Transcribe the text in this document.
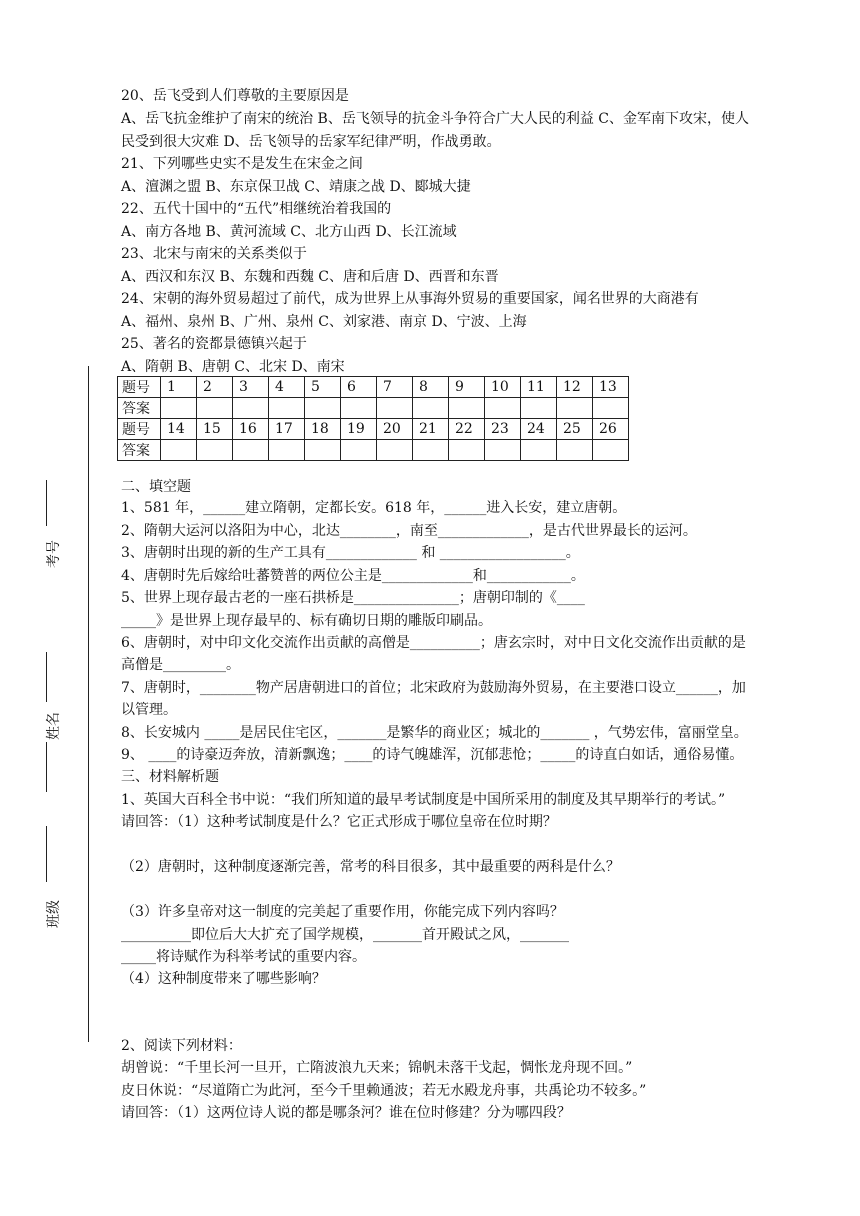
20、岳飞受到人们尊敬的主要原因是
A、岳飞抗金维护了南宋的统治 B、岳飞领导的抗金斗争符合广大人民的利益 C、金军南下攻宋，使人
民受到很大灾难 D、岳飞领导的岳家军纪律严明，作战勇敢。
21、下列哪些史实不是发生在宋金之间
A、澶渊之盟 B、东京保卫战 C、靖康之战 D、郾城大捷
22、五代十国中的“五代”相继统治着我国的
A、南方各地 B、黄河流域 C、北方山西 D、长江流域
23、北宋与南宋的关系类似于
A、西汉和东汉 B、东魏和西魏 C、唐和后唐 D、西晋和东晋
24、宋朝的海外贸易超过了前代，成为世界上从事海外贸易的重要国家，闻名世界的大商港有
A、福州、泉州 B、广州、泉州 C、刘家港、南京 D、宁波、上海
25、著名的瓷都景德镇兴起于
A、隋朝 B、唐朝 C、北宋 D、南宋
题号	1	2	3	4	5	6	7	8	9	10	11	12	13
答案													
题号	14	15	16	17	18	19	20	21	22	23	24	25	26
答案													
二、填空题
1、581 年，______建立隋朝，定都长安。618 年，______进入长安，建立唐朝。
2、隋朝大运河以洛阳为中心，北达________，南至_____________，是古代世界最长的运河。
3、唐朝时出现的新的生产工具有_____________ 和 __________________。
4、唐朝时先后嫁给吐蕃赞普的两位公主是_____________和____________。
5、世界上现存最古老的一座石拱桥是_______________；唐朝印制的《____
_____》是世界上现存最早的、标有确切日期的雕版印刷品。
6、唐朝时，对中印文化交流作出贡献的高僧是__________；唐玄宗时，对中日文化交流作出贡献的是
高僧是_________。
7、唐朝时，________物产居唐朝进口的首位；北宋政府为鼓励海外贸易，在主要港口设立______，加
以管理。
8、长安城内 _____是居民住宅区，_______是繁华的商业区；城北的_______ ，气势宏伟，富丽堂皇。
9、 ____的诗豪迈奔放，清新飘逸；____的诗气魄雄浑，沉郁悲怆；_____的诗直白如话，通俗易懂。
三、材料解析题
1、英国大百科全书中说：“我们所知道的最早考试制度是中国所采用的制度及其早期举行的考试。”
请回答：（1）这种考试制度是什么？它正式形成于哪位皇帝在位时期？
（2）唐朝时，这种制度逐渐完善，常考的科目很多，其中最重要的两科是什么？
（3）许多皇帝对这一制度的完美起了重要作用，你能完成下列内容吗？
__________即位后大大扩充了国学规模，_______首开殿试之风，_______
_____将诗赋作为科举考试的重要内容。
（4）这种制度带来了哪些影响？
2、阅读下列材料：
胡曾说：“千里长河一旦开，亡隋波浪九天来；锦帆未落干戈起，惆怅龙舟现不回。”
皮日休说：“尽道隋亡为此河，至今千里赖通波；若无水殿龙舟事，共禹论功不较多。”
请回答：（1）这两位诗人说的都是哪条河？谁在位时修建？分为哪四段？
考号
姓名
班级
